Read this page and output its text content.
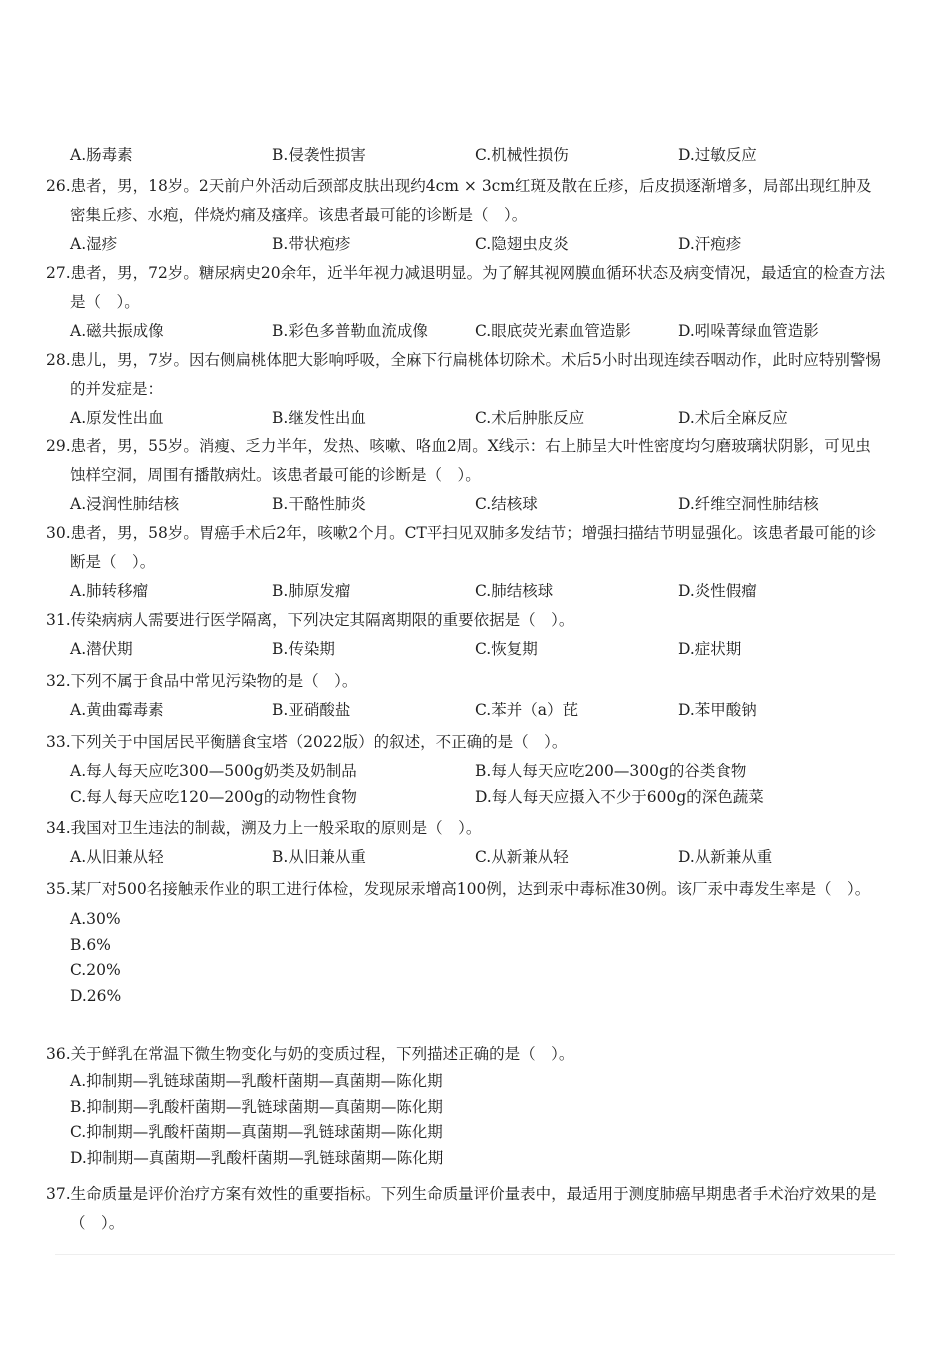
A.肠毒素	B.侵袭性损害	C.机械性损伤	D.过敏反应
26.患者，男，18岁。2天前户外活动后颈部皮肤出现约4cm × 3cm红斑及散在丘疹，后皮损逐渐增多，局部出现红肿及密集丘疹、水疱，伴烧灼痛及瘙痒。该患者最可能的诊断是（　）。
A.湿疹	B.带状疱疹	C.隐翅虫皮炎	D.汗疱疹
27.患者，男，72岁。糖尿病史20余年，近半年视力减退明显。为了解其视网膜血循环状态及病变情况，最适宜的检查方法是（　）。
A.磁共振成像	B.彩色多普勒血流成像	C.眼底荧光素血管造影	D.吲哚菁绿血管造影
28.患儿，男，7岁。因右侧扁桃体肥大影响呼吸，全麻下行扁桃体切除术。术后5小时出现连续吞咽动作，此时应特别警惕的并发症是：
A.原发性出血	B.继发性出血	C.术后肿胀反应	D.术后全麻反应
29.患者，男，55岁。消瘦、乏力半年，发热、咳嗽、咯血2周。X线示：右上肺呈大叶性密度均匀磨玻璃状阴影，可见虫蚀样空洞，周围有播散病灶。该患者最可能的诊断是（　）。
A.浸润性肺结核	B.干酪性肺炎	C.结核球	D.纤维空洞性肺结核
30.患者，男，58岁。胃癌手术后2年，咳嗽2个月。CT平扫见双肺多发结节；增强扫描结节明显强化。该患者最可能的诊断是（　）。
A.肺转移瘤	B.肺原发瘤	C.肺结核球	D.炎性假瘤
31.传染病病人需要进行医学隔离，下列决定其隔离期限的重要依据是（　）。
A.潜伏期	B.传染期	C.恢复期	D.症状期
32.下列不属于食品中常见污染物的是（　）。
A.黄曲霉毒素	B.亚硝酸盐	C.苯并（a）芘	D.苯甲酸钠
33.下列关于中国居民平衡膳食宝塔（2022版）的叙述，不正确的是（　）。
A.每人每天应吃300—500g奶类及奶制品	B.每人每天应吃200—300g的谷类食物
C.每人每天应吃120—200g的动物性食物	D.每人每天应摄入不少于600g的深色蔬菜
34.我国对卫生违法的制裁，溯及力上一般采取的原则是（　）。
A.从旧兼从轻	B.从旧兼从重	C.从新兼从轻	D.从新兼从重
35.某厂对500名接触汞作业的职工进行体检，发现尿汞增高100例，达到汞中毒标准30例。该厂汞中毒发生率是（　）。
A.30%
B.6%
C.20%
D.26%
36.关于鲜乳在常温下微生物变化与奶的变质过程，下列描述正确的是（　）。
A.抑制期—乳链球菌期—乳酸杆菌期—真菌期—陈化期
B.抑制期—乳酸杆菌期—乳链球菌期—真菌期—陈化期
C.抑制期—乳酸杆菌期—真菌期—乳链球菌期—陈化期
D.抑制期—真菌期—乳酸杆菌期—乳链球菌期—陈化期
37.生命质量是评价治疗方案有效性的重要指标。下列生命质量评价量表中，最适用于测度肺癌早期患者手术治疗效果的是（　）。
